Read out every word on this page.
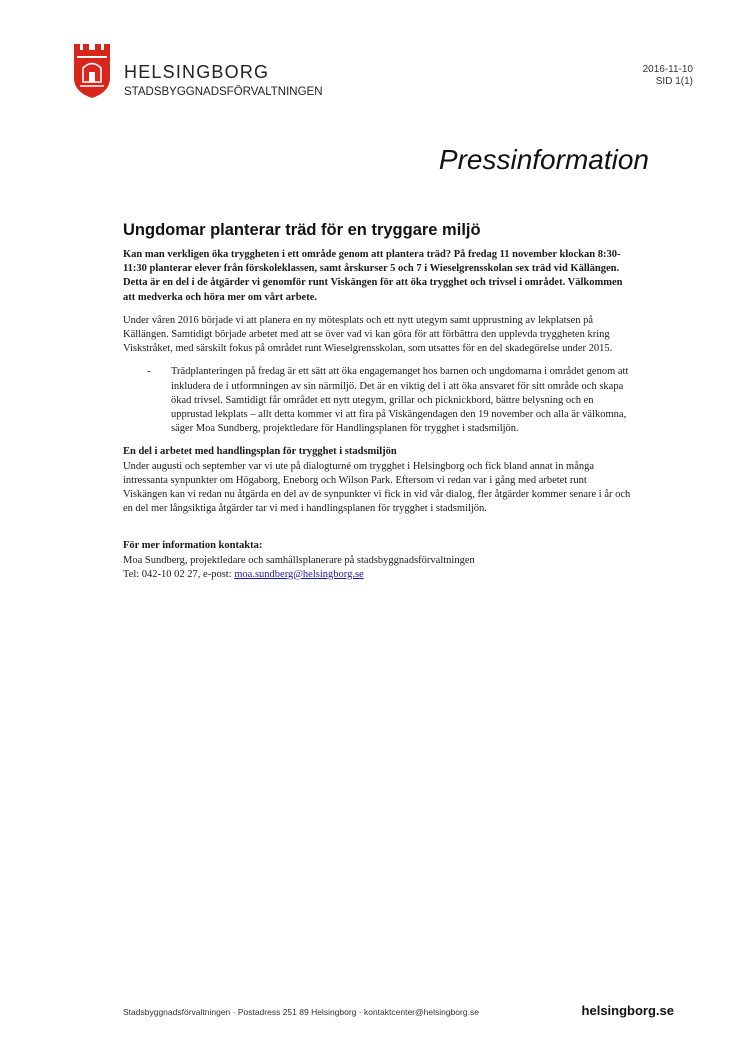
HELSINGBORG
STADSBYGGNADSFÖRVALTNINGEN
2016-11-10
SID 1(1)
Pressinformation
Ungdomar planterar träd för en tryggare miljö

Kan man verkligen öka tryggheten i ett område genom att plantera träd? På fredag 11 november klockan 8:30-11:30 planterar elever från förskoleklassen, samt årskurser 5 och 7 i Wieselgrensskolan sex träd vid Källängen. Detta är en del i de åtgärder vi genomför runt Viskängen för att öka trygghet och trivsel i området. Välkommen att medverka och höra mer om vårt arbete.

Under våren 2016 började vi att planera en ny mötesplats och ett nytt utegym samt upprustning av lekplatsen på Källängen. Samtidigt började arbetet med att se över vad vi kan göra för att förbättra den upplevda tryggheten kring Viskstråket, med särskilt fokus på området runt Wieselgrensskolan, som utsattes för en del skadegörelse under 2015.

- Trädplanteringen på fredag är ett sätt att öka engagemanget hos barnen och ungdomarna i området genom att inkludera de i utformningen av sin närmiljö. Det är en viktig del i att öka ansvaret för sitt område och skapa ökad trivsel. Samtidigt får området ett nytt utegym, grillar och picknickbord, bättre belysning och en upprustad lekplats – allt detta kommer vi att fira på Viskängendagen den 19 november och alla är välkomna, säger Moa Sundberg, projektledare för Handlingsplanen för trygghet i stadsmiljön.
En del i arbetet med handlingsplan för trygghet i stadsmiljön

Under augusti och september var vi ute på dialogturné om trygghet i Helsingborg och fick bland annat in många intressanta synpunkter om Högaborg, Eneborg och Wilson Park. Eftersom vi redan var i gång med arbetet runt Viskängen kan vi redan nu åtgärda en del av de synpunkter vi fick in vid vår dialog, fler åtgärder kommer senare i år och en del mer långsiktiga åtgärder tar vi med i handlingsplanen för trygghet i stadsmiljön.

För mer information kontakta:
Moa Sundberg, projektledare och samhällsplanerare på stadsbyggnadsförvaltningen
Tel: 042-10 02 27, e-post: moa.sundberg@helsingborg.se
Stadsbyggnadsförvaltningen · Postadress 251 89 Helsingborg · kontaktcenter@helsingborg.se	helsingborg.se
